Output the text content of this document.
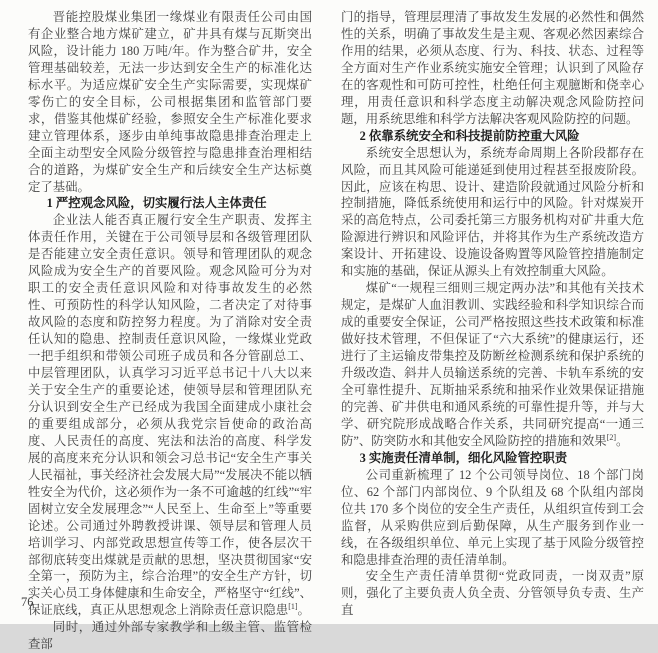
晋能控股煤业集团一缘煤业有限责任公司由国有企业整合地方煤矿建立，矿井具有煤与瓦斯突出风险，设计能力 180 万吨/年。作为整合矿井，安全管理基础较差，无法一步达到安全生产的标准化达标水平。为适应煤矿安全生产实际需要，实现煤矿零伤亡的安全目标，公司根据集团和监管部门要求，借鉴其他煤矿经验，参照安全生产标准化要求建立管理体系，逐步由单纯事故隐患排查治理走上全面主动型安全风险分级管控与隐患排查治理相结合的道路，为煤矿安全生产和后续安全生产达标奠定了基础。

1 严控观念风险，切实履行法人主体责任

企业法人能否真正履行安全生产职责、发挥主体责任作用，关键在于公司领导层和各级管理团队是否能建立安全责任意识。领导和管理团队的观念风险成为安全生产的首要风险。观念风险可分为对职工的安全责任意识风险和对待事故发生的必然性、可预防性的科学认知风险，二者决定了对待事故风险的态度和防控努力程度。为了消除对安全责任认知的隐患、控制责任意识风险，一缘煤业党政一把手组织和带领公司班子成员和各分管副总工、中层管理团队，认真学习习近平总书记十八大以来关于安全生产的重要论述，使领导层和管理团队充分认识到安全生产已经成为我国全面建成小康社会的重要组成部分，必须从我党宗旨使命的政治高度、人民责任的高度、宪法和法治的高度、科学发展的高度来充分认识和领会习总书记“安全生产事关人民福祉，事关经济社会发展大局”“发展决不能以牺牲安全为代价，这必须作为一条不可逾越的红线”“牢固树立安全发展理念”“人民至上、生命至上”等重要论述。公司通过外聘教授讲课、领导层和管理人员培训学习、内部党政思想宣传等工作，使各层次干部彻底转变出煤就是贡献的思想，坚决贯彻国家“安全第一，预防为主，综合治理”的安全生产方针，切实关心员工身体健康和生命安全，严格坚守“红线”、保证底线，真正从思想观念上消除责任意识隐患[1]。

同时，通过外部专家教学和上级主管、监管检查部

门的指导，管理层理清了事故发生发展的必然性和偶然性的关系，明确了事故发生是主观、客观必然因素综合作用的结果，必须从态度、行为、科技、状态、过程等全方面对生产作业系统实施安全管理；认识到了风险存在的客观性和可防可控性，杜绝任何主观臆断和侥幸心理，用责任意识和科学态度主动解决观念风险防控问题，用系统思维和科学方法解决客观风险防控的问题。

2 依靠系统安全和科技提前防控重大风险

系统安全思想认为，系统寿命周期上各阶段都存在风险，而且其风险可能递延到使用过程甚至报废阶段。因此，应该在构思、设计、建造阶段就通过风险分析和控制措施，降低系统使用和运行中的风险。针对煤炭开采的高危特点，公司委托第三方服务机构对矿井重大危险源进行辨识和风险评估，并将其作为生产系统改造方案设计、开拓建设、设施设备购置等风险管控措施制定和实施的基础，保证从源头上有效控制重大风险。

煤矿“一规程三细则三规定两办法”和其他有关技术规定，是煤矿人血泪教训、实践经验和科学知识综合而成的重要安全保证，公司严格按照这些技术政策和标准做好技术管理，不但保证了“六大系统”的健康运行，还进行了主运输皮带集控及防断丝检测系统和保护系统的升级改造、斜井人员输送系统的完善、卡轨车系统的安全可靠性提升、瓦斯抽采系统和抽采作业效果保证措施的完善、矿井供电和通风系统的可靠性提升等，并与大学、研究院形成战略合作关系，共同研究提高“一通三防”、防突防水和其他安全风险防控的措施和效果[2]。

3 实施责任清单制，细化风险管控职责

公司重新梳理了 12 个公司领导岗位、18 个部门岗位、62 个部门内部岗位、9 个队组及 68 个队组内部岗位共 170 多个岗位的安全生产责任，从组织宣传到工会监督，从采购供应到后勤保障，从生产服务到作业一线，在各级组织单位、单元上实现了基于风险分级管控和隐患排查治理的责任清单制。

安全生产责任清单贯彻“党政同责，一岗双责”原则，强化了主要负责人负全责、分管领导负专责、生产直

76
